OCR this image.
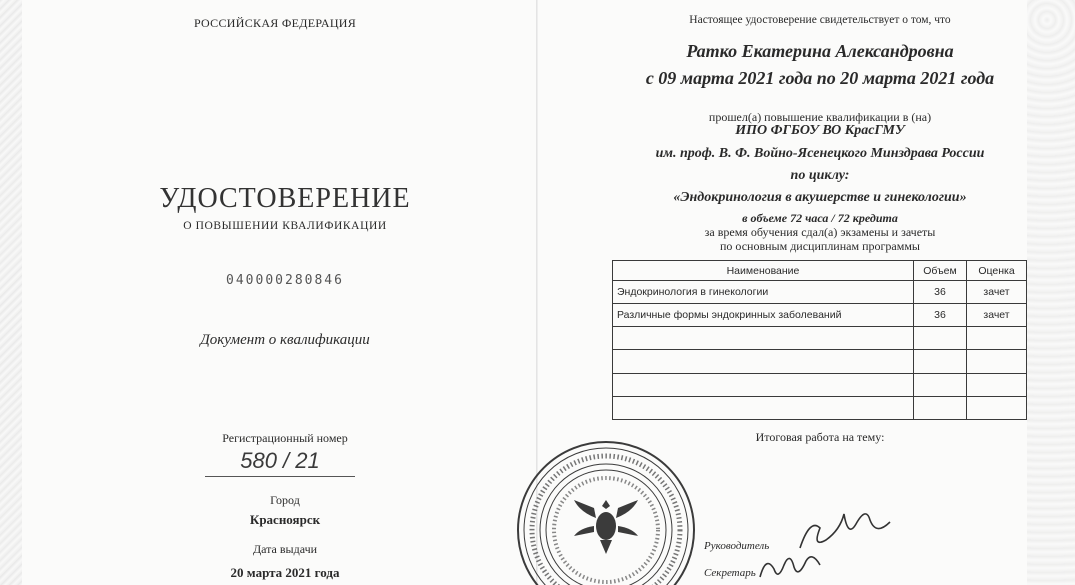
РОССИЙСКАЯ ФЕДЕРАЦИЯ
УДОСТОВЕРЕНИЕ
О ПОВЫШЕНИИ КВАЛИФИКАЦИИ
040000280846
Документ о квалификации
Регистрационный номер
580 / 21
Город
Красноярск
Дата выдачи
20 марта 2021 года
Настоящее удостоверение свидетельствует о том, что
Ратко Екатерина Александровна
с 09 марта 2021 года по 20 марта 2021 года
прошел(а) повышение квалификации в (на)
ИПО ФГБОУ ВО КрасГМУ
им. проф. В. Ф. Войно-Ясенецкого Минздрава России
по циклу:
«Эндокринология в акушерстве и гинекологии»
в объеме 72 часа / 72 кредита
за время обучения сдал(а) экзамены и зачеты
по основным дисциплинам программы
Наименование	Объем	Оценка
Эндокринология в гинекологии	36	зачет
Различные формы эндокринных заболеваний	36	зачет

Итоговая работа на тему:
Руководитель
Секретарь
